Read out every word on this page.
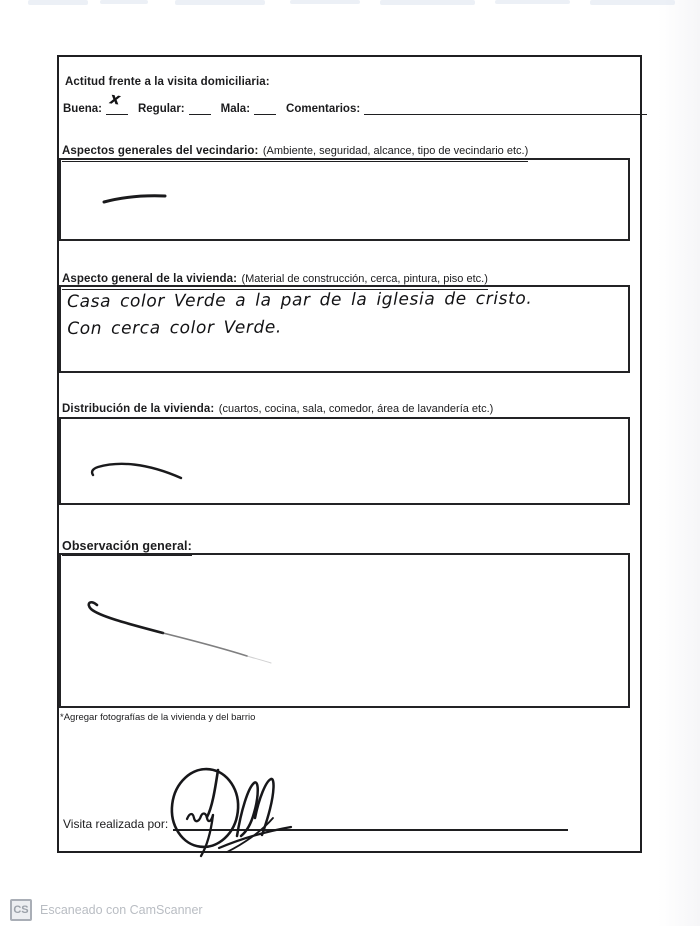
Actitud frente a la visita domiciliaria:
Buena:
x
Regular:	Mala:	Comentarios:
Aspectos generales del vecindario: (Ambiente, seguridad, alcance, tipo de vecindario etc.)
Aspecto general de la vivienda: (Material de construcción, cerca, pintura, piso etc.)
Casa color Verde a la par de la iglesia de cristo.
Con cerca color Verde.
Distribución de la vivienda: (cuartos, cocina, sala, comedor, área de lavandería etc.)
Observación general:
*Agregar fotografías de la vivienda y del barrio
Visita realizada por:
CS Escaneado con CamScanner
